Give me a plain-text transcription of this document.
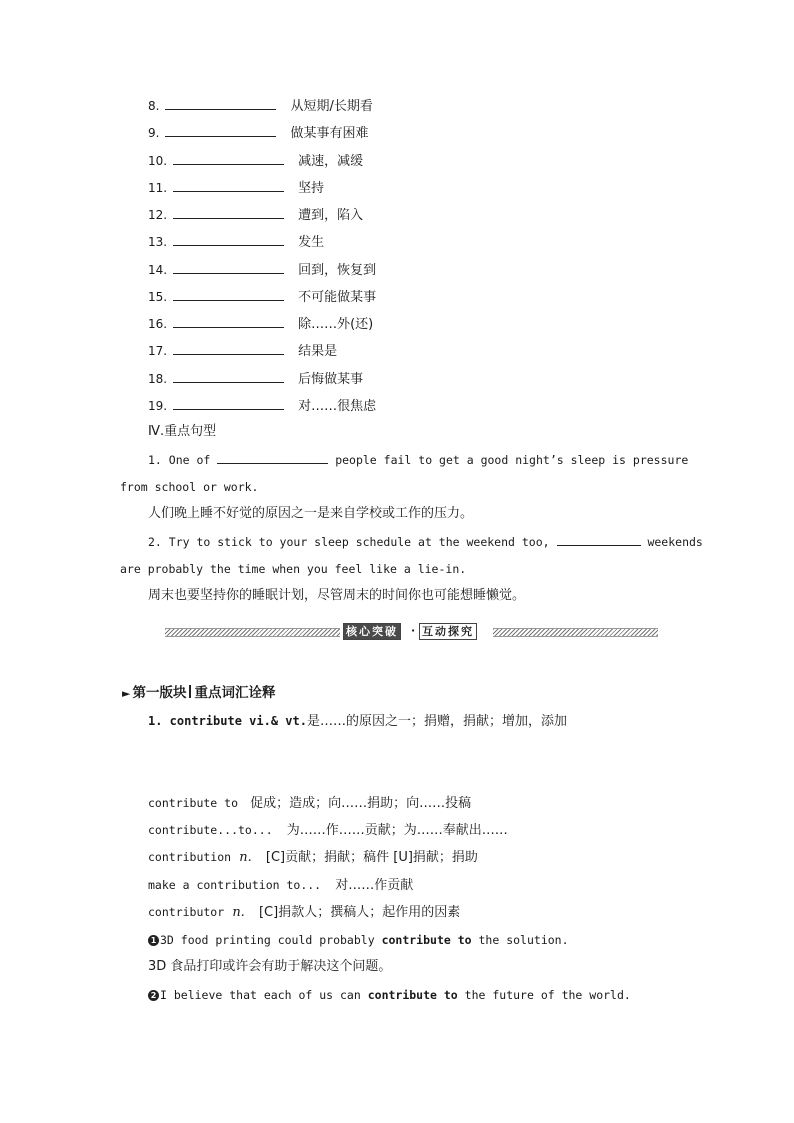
8.	从短期/长期看
9.	做某事有困难
10.	减速，减缓
11.	坚持
12.	遭到，陷入
13.	发生
14.	回到，恢复到
15.	不可能做某事
16.	除……外(还)
17.	结果是
18.	后悔做某事
19.	对……很焦虑
Ⅳ.重点句型
1. One of	people fail to get a good night’s sleep is pressure
from school or work.
人们晚上睡不好觉的原因之一是来自学校或工作的压力。
2. Try to stick to your sleep schedule at the weekend too,	weekends
are probably the time when you feel like a lie-in.
周末也要坚持你的睡眠计划，尽管周末的时间你也可能想睡懒觉。
核心突破 · 互动探究
► 第一版块 重点词汇诠释
1. contribute vi.& vt.是……的原因之一；捐赠，捐献；增加，添加
contribute to 促成；造成；向……捐助；向……投稿
contribute...to... 为……作……贡献；为……奉献出……
contribution n. [C]贡献；捐献；稿件 [U]捐献；捐助
make a contribution to... 对……作贡献
contributor n. [C]捐款人；撰稿人；起作用的因素
1 3D food printing could probably contribute to the solution.
3D 食品打印或许会有助于解决这个问题。
2 I believe that each of us can contribute to the future of the world.
